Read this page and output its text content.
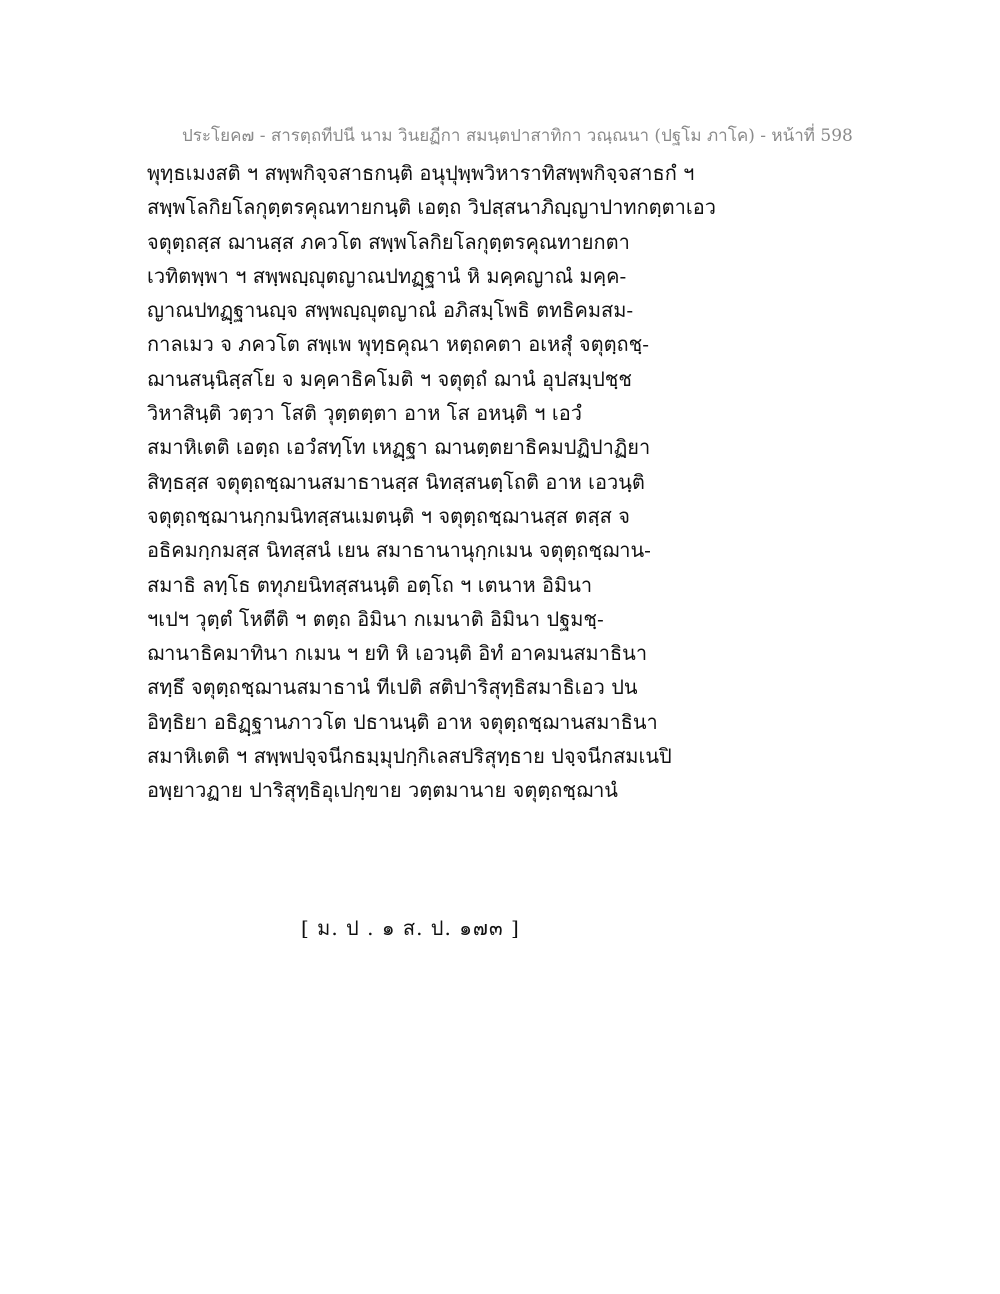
ประโยค๗ - สารตฺถทีปนี นาม วินยฏีกา สมนฺตปาสาทิกา วณฺณนา (ปฐโม ภาโค) - หน้าที่ 598
พุทฺธเมงสติ ฯ สพฺพกิจฺจสาธกนฺติ อนุปุพฺพวิหาราทิสพฺพกิจฺจสาธกํ ฯ
สพฺพโลกิยโลกุตฺตรคุณทายกนฺติ เอตฺถ วิปสฺสนาภิญฺญาปาทกตฺตาเอว
จตุตฺถสฺส ฌานสฺส ภควโต สพฺพโลกิยโลกุตฺตรคุณทายกตา
เวทิตพฺพา ฯ สพฺพญฺญุตญาณปทฏฺฐานํ หิ มคฺคญาณํ มคฺค-
ญาณปทฏฺฐานญฺจ สพฺพญฺญุตญาณํ อภิสมฺโพธิ ตทธิคมสม-
กาลเมว จ ภควโต สพฺเพ พุทฺธคุณา หตฺถคตา อเหสุํ จตุตฺถชฺ-
ฌานสนฺนิสฺสโย จ มคฺคาธิคโมติ ฯ จตุตฺถํ ฌานํ อุปสมฺปชฺช
วิหาสินฺติ วตฺวา โสติ วุตฺตตฺตา อาห โส อหนฺติ ฯ เอวํ
สมาหิเตติ เอตฺถ เอวํสทฺโท เหฏฺฐา ฌานตฺตยาธิคมปฏิปาฏิยา
สิทฺธสฺส จตุตฺถชฺฌานสมาธานสฺส นิทสฺสนตฺโถติ อาห เอวนฺติ
จตุตฺถชฺฌานกฺกมนิทสฺสนเมตนฺติ ฯ จตุตฺถชฺฌานสฺส ตสฺส จ
อธิคมกฺกมสฺส นิทสฺสนํ เยน สมาธานานุกฺกเมน จตุตฺถชฺฌาน-
สมาธิ ลทฺโธ ตทุภยนิทสฺสนนฺติ อตฺโถ ฯ เตนาห อิมินา
ฯเปฯ วุตฺตํ โหตีติ ฯ ตตฺถ อิมินา กเมนาติ อิมินา ปฐมชฺ-
ฌานาธิคมาทินา กเมน ฯ ยทิ หิ เอวนฺติ อิทํ อาคมนสมาธินา
สทฺธึ จตุตฺถชฺฌานสมาธานํ ทีเปติ สติปาริสุทฺธิสมาธิเอว ปน
อิทฺธิยา อธิฏฺฐานภาวโต ปธานนฺติ อาห จตุตฺถชฺฌานสมาธินา
สมาหิเตติ ฯ สพฺพปจฺจนีกธมฺมุปกฺกิเลสปริสุทฺธาย ปจฺจนีกสมเนปิ
อพฺยาวฏาย ปาริสุทฺธิอุเปกฺขาย วตฺตมานาย จตุตฺถชฺฌานํ
[ ม. ป . ๑ ส. ป. ๑๗๓ ]
